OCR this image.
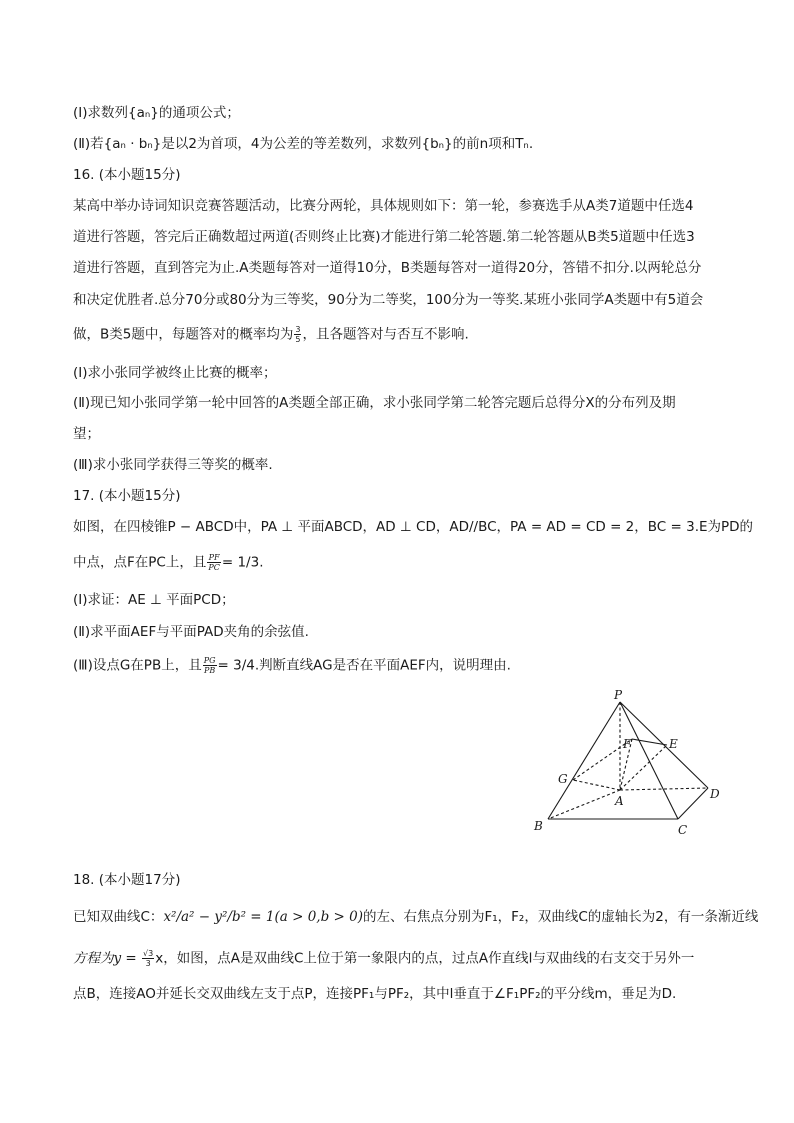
(Ⅰ)求数列{aₙ}的通项公式；
(Ⅱ)若{aₙ · bₙ}是以2为首项，4为公差的等差数列，求数列{bₙ}的前n项和Tₙ.
16. (本小题15分)
某高中举办诗词知识竞赛答题活动，比赛分两轮，具体规则如下：第一轮，参赛选手从A类7道题中任选4
道进行答题，答完后正确数超过两道(否则终止比赛)才能进行第二轮答题.第二轮答题从B类5道题中任选3
道进行答题，直到答完为止.A类题每答对一道得10分，B类题每答对一道得20分，答错不扣分.以两轮总分
和决定优胜者.总分70分或80分为三等奖，90分为二等奖，100分为一等奖.某班小张同学A类题中有5道会
做，B类5题中，每题答对的概率均为 $\frac{3}{5}$ ，且各题答对与否互不影响.
(Ⅰ)求小张同学被终止比赛的概率；
(Ⅱ)现已知小张同学第一轮中回答的A类题全部正确，求小张同学第二轮答完题后总得分X的分布列及期
望；
(Ⅲ)求小张同学获得三等奖的概率.
17. (本小题15分)
如图，在四棱锥P − ABCD中，PA ⊥ 平面ABCD，AD ⊥ CD，AD//BC，PA = AD = CD = 2，BC = 3.E为PD的
中点，点F在PC上，且 $\frac{PF}{PC} = 1/3$.
(Ⅰ)求证：AE ⊥ 平面PCD；
(Ⅱ)求平面AEF与平面PAD夹角的余弦值.
(Ⅲ)设点G在PB上，且 $\frac{PG}{PB} = 3/4$.判断直线AG是否在平面AEF内，说明理由.
P
F	E
G
A	D
B	C
18. (本小题17分)
已知双曲线C：x²/a² − y²/b² = 1(a > 0,b > 0)的左、右焦点分别为F₁，F₂，双曲线C的虚轴长为2，有一条渐近线
方程为$y = \frac{√3}{3}$ x，如图，点A是双曲线C上位于第一象限内的点，过点A作直线l与双曲线的右支交于另外一
点B，连接AO并延长交双曲线左支于点P，连接PF₁与PF₂，其中l垂直于∠F₁PF₂的平分线m，垂足为D.
